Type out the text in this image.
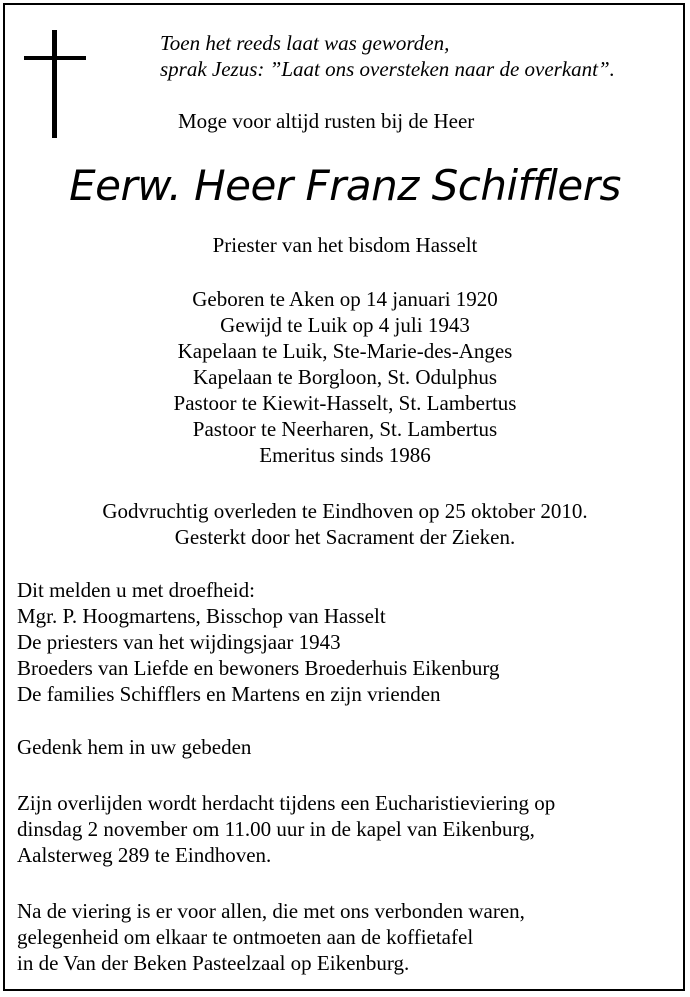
Toen het reeds laat was geworden,
sprak Jezus: ”Laat ons oversteken naar de overkant”.
Moge voor altijd rusten bij de Heer
Eerw. Heer Franz Schifflers
Priester van het bisdom Hasselt
Geboren te Aken op 14 januari 1920
Gewijd te Luik op 4 juli 1943
Kapelaan te Luik, Ste-Marie-des-Anges
Kapelaan te Borgloon, St. Odulphus
Pastoor te Kiewit-Hasselt, St. Lambertus
Pastoor te Neerharen, St. Lambertus
Emeritus sinds 1986
Godvruchtig overleden te Eindhoven op 25 oktober 2010.
Gesterkt door het Sacrament der Zieken.
Dit melden u met droefheid:
Mgr. P. Hoogmartens, Bisschop van Hasselt
De priesters van het wijdingsjaar 1943
Broeders van Liefde en bewoners Broederhuis Eikenburg
De families Schifflers en Martens en zijn vrienden
Gedenk hem in uw gebeden
Zijn overlijden wordt herdacht tijdens een Eucharistieviering op
dinsdag 2 november om 11.00 uur in de kapel van Eikenburg,
Aalsterweg 289 te Eindhoven.
Na de viering is er voor allen, die met ons verbonden waren,
gelegenheid om elkaar te ontmoeten aan de koffietafel
in de Van der Beken Pasteelzaal op Eikenburg.
